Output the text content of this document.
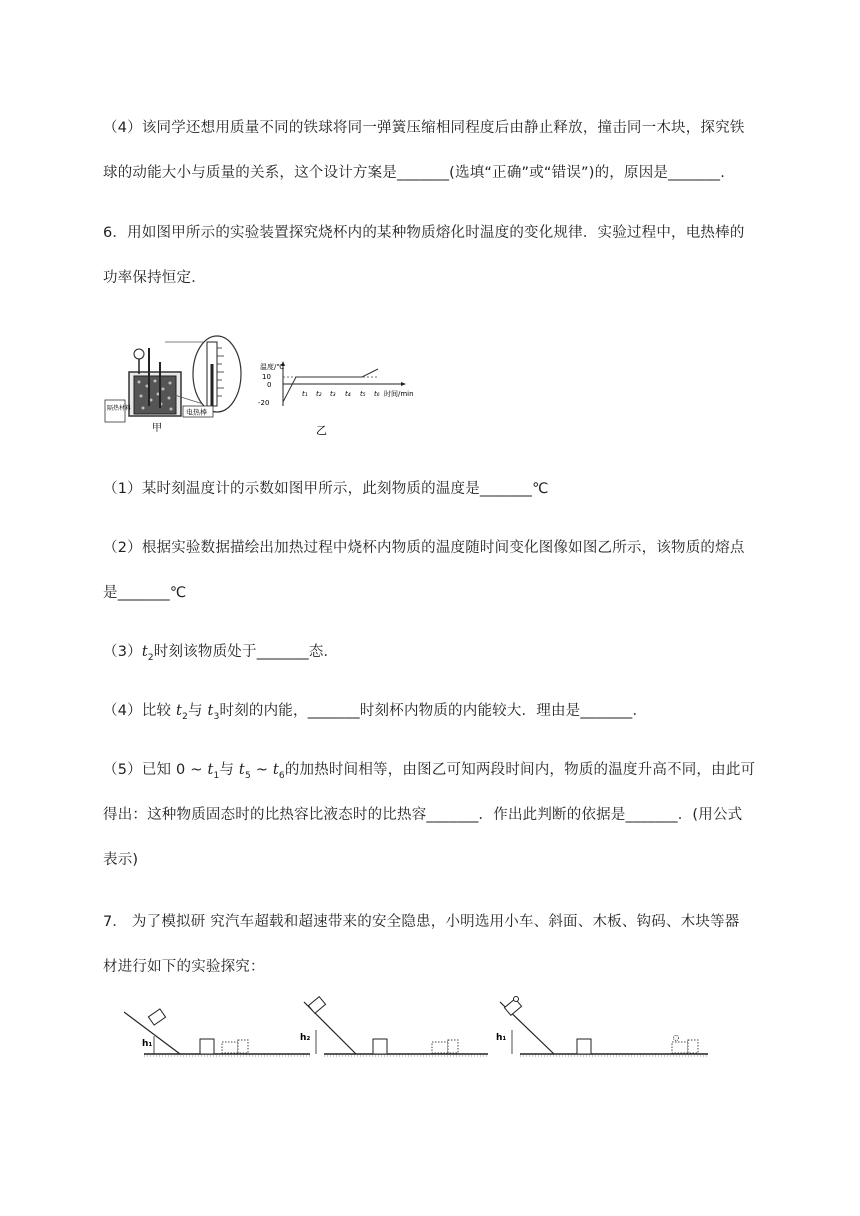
（4）该同学还想用质量不同的铁球将同一弹簧压缩相同程度后由静止释放，撞击同一木块，探究铁
球的动能大小与质量的关系，这个设计方案是_______(选填“正确”或“错误”)的，原因是_______.
6．用如图甲所示的实验装置探究烧杯内的某种物质熔化时温度的变化规律．实验过程中，电热棒的
功率保持恒定．
隔热材料	电热棒
甲
温度/℃
10
0
-20
t₁ t₂ t₃ t₄ t₅ t₆ 时间/min
乙
（1）某时刻温度计的示数如图甲所示，此刻物质的温度是_______℃
（2）根据实验数据描绘出加热过程中烧杯内物质的温度随时间变化图像如图乙所示，该物质的熔点
是_______℃
$(3)t_2$时刻该物质处于_______态．
（4）比较 $t_2$与 $t_3$时刻的内能，_______时刻杯内物质的内能较大．理由是_______．
（5）已知 0 ~ $t_1$与 $t_5$ ~ $t_6$的加热时间相等，由图乙可知两段时间内，物质的温度升高不同，由此可
得出：这种物质固态时的比热容比液态时的比热容_______．作出此判断的依据是_______．(用公式
表示)
7． 为了模拟研 究汽车超载和超速带来的安全隐患，小明选用小车、斜面、木板、钩码、木块等器
材进行如下的实验探究：
h₁
h₂	h₁
